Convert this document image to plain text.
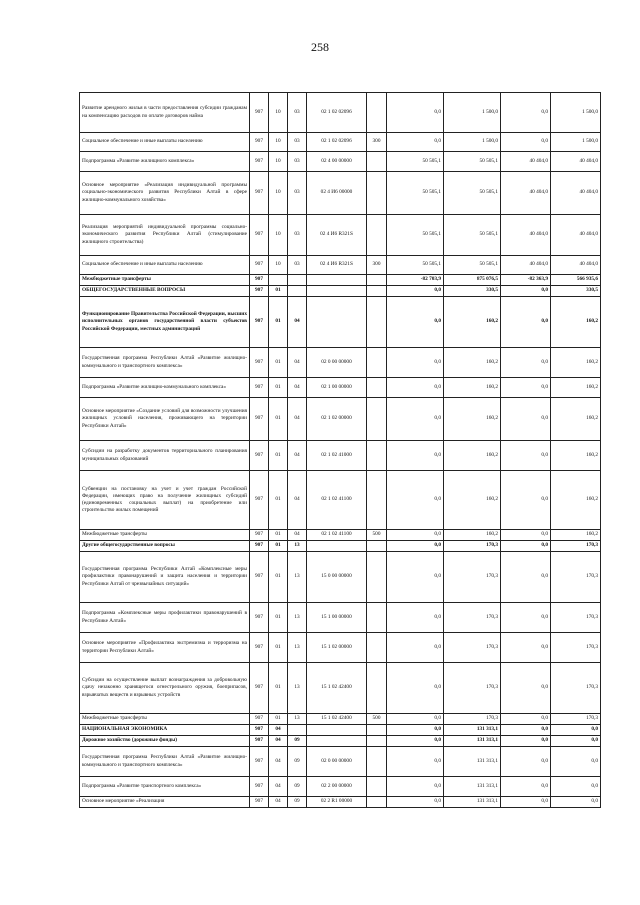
258
Развитие арендного жилья в части предоставления субсидии гражданам на компенсацию расходов по оплате договоров найма	907	10	03	02 1 02 02096		0,0	1 500,0	0,0	1 500,0
Социальное обеспечение и иные выплаты населению	907	10	03	02 1 02 02096	300	0,0	1 500,0	0,0	1 500,0
Подпрограмма «Развитие жилищного комплекса»	907	10	03	02 4 00 00000		50 505,1	50 505,1	40 404,0	40 404,0
Основное мероприятие «Реализация индивидуальной программы социально-экономического развития Республики Алтай в сфере жилищно-коммунального хозяйства»	907	10	03	02 4 И6 00000		50 505,1	50 505,1	40 404,0	40 404,0
Реализация мероприятий индивидуальной программы социально-экономического развития Республики Алтай (стимулирование жилищного строительства)	907	10	03	02 4 И6 R321S		50 505,1	50 505,1	40 404,0	40 404,0
Социальное обеспечение и иные выплаты населению	907	10	03	02 4 И6 R321S	300	50 505,1	50 505,1	40 404,0	40 404,0
Межбюджетные трансферты	907					-82 703,9	875 076,5	-82 363,9	566 935,6
ОБЩЕГОСУДАРСТВЕННЫЕ ВОПРОСЫ	907	01				0,0	330,5	0,0	330,5
Функционирование Правительства Российской Федерации, высших исполнительных органов государственной власти субъектов Российской Федерации, местных администраций	907	01	04			0,0	160,2	0,0	160,2
Государственная программа Республики Алтай «Развитие жилищно-коммунального и транспортного комплекса»	907	01	04	02 0 00 00000		0,0	160,2	0,0	160,2
Подпрограмма «Развитие жилищно-коммунального комплекса»	907	01	04	02 1 00 00000		0,0	160,2	0,0	160,2
Основное мероприятие «Создание условий для возможности улучшения жилищных условий населения, проживающего на территории Республики Алтай»	907	01	04	02 1 02 00000		0,0	160,2	0,0	160,2
Субсидии на разработку документов территориального планирования муниципальных образований	907	01	04	02 1 02 41000		0,0	160,2	0,0	160,2
Субвенции на постановку на учет и учет граждан Российской Федерации, имеющих право на получение жилищных субсидий (единовременных социальных выплат) на приобретение или строительство жилых помещений	907	01	04	02 1 02 41100		0,0	160,2	0,0	160,2
Межбюджетные трансферты	907	01	04	02 1 02 41100	500	0,0	160,2	0,0	160,2
Другие общегосударственные вопросы	907	01	13			0,0	170,3	0,0	170,3
Государственная программа Республики Алтай «Комплексные меры профилактики правонарушений и защита населения и территории Республики Алтай от чрезвычайных ситуаций»	907	01	13	15 0 00 00000		0,0	170,3	0,0	170,3
Подпрограмма «Комплексные меры профилактики правонарушений в Республике Алтай»	907	01	13	15 1 00 00000		0,0	170,3	0,0	170,3
Основное мероприятие «Профилактика экстремизма и терроризма на территории Республики Алтай»	907	01	13	15 1 02 00000		0,0	170,3	0,0	170,3
Субсидии на осуществление выплат вознаграждения за добровольную сдачу незаконно хранящегося огнестрельного оружия, боеприпасов, взрывчатых веществ и взрывных устройств	907	01	13	15 1 02 42400		0,0	170,3	0,0	170,3
Межбюджетные трансферты	907	01	13	15 1 02 42400	500	0,0	170,3	0,0	170,3
НАЦИОНАЛЬНАЯ ЭКОНОМИКА	907	04				0,0	131 313,1	0,0	0,0
Дорожное хозяйство (дорожные фонды)	907	04	09			0,0	131 313,1	0,0	0,0
Государственная программа Республики Алтай «Развитие жилищно-коммунального и транспортного комплекса»	907	04	09	02 0 00 00000		0,0	131 313,1	0,0	0,0
Подпрограмма «Развитие транспортного комплекса»	907	04	09	02 2 00 00000		0,0	131 313,1	0,0	0,0
Основное мероприятие «Реализация	907	04	09	02 2 R1 00000		0,0	131 313,1	0,0	0,0
